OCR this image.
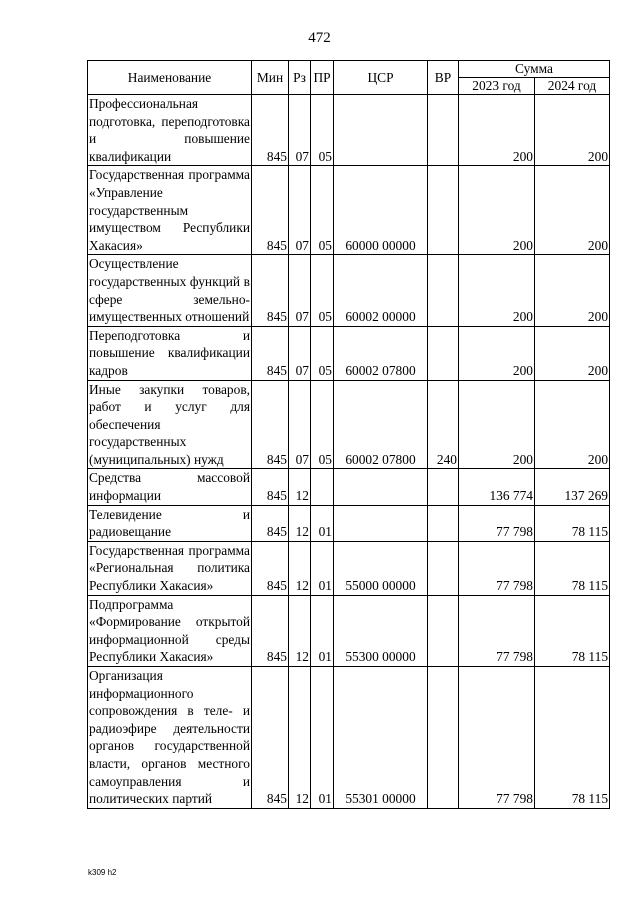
472
Наименование	Мин	Рз	ПР	ЦСР	ВР	Сумма	
						2023 год	2024 год
Профессиональная подготовка, переподготовка и повышение квалификации	845	07	05			200	200
Государственная программа «Управление государственным имуществом Республики Хакасия»	845	07	05	60000 00000		200	200
Осуществление государственных функций в сфере земельно-имущественных отношений	845	07	05	60002 00000		200	200
Переподготовка и повышение квалификации кадров	845	07	05	60002 07800		200	200
Иные закупки товаров, работ и услуг для обеспечения государственных (муниципальных) нужд	845	07	05	60002 07800	240	200	200
Средства массовой информации	845	12				136 774	137 269
Телевидение и радиовещание	845	12	01			77 798	78 115
Государственная программа «Региональная политика Республики Хакасия»	845	12	01	55000 00000		77 798	78 115
Подпрограмма «Формирование открытой информационной среды Республики Хакасия»	845	12	01	55300 00000		77 798	78 115
Организация информационного сопровождения в теле- и радиоэфире деятельности органов государственной власти, органов местного самоуправления и политических партий	845	12	01	55301 00000		77 798	78 115
k309 h2
